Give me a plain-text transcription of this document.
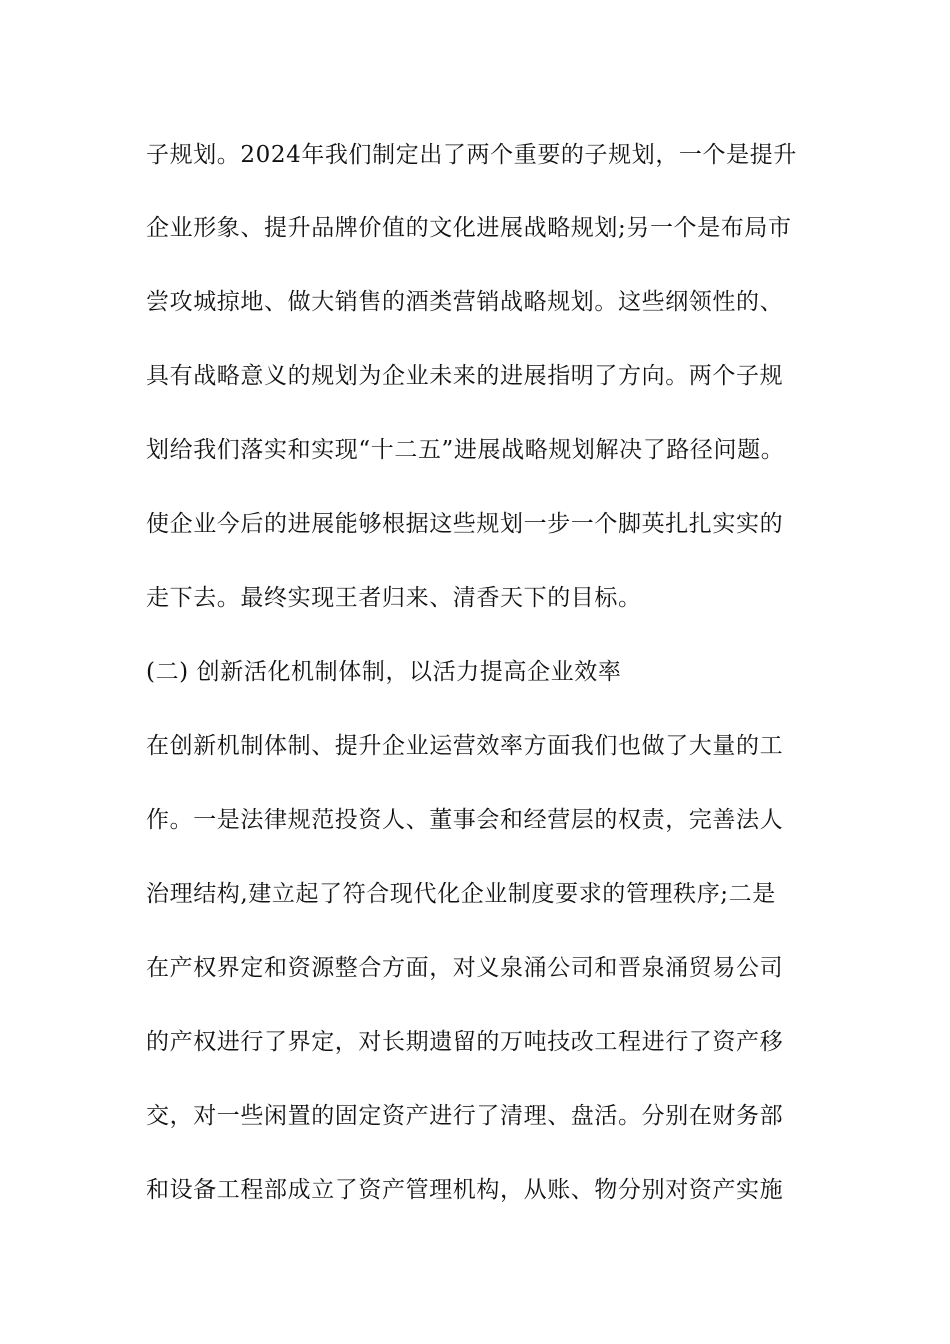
子规划。2024年我们制定出了两个重要的子规划，一个是提升
企业形象、提升品牌价值的文化进展战略规划;另一个是布局市
尝攻城掠地、做大销售的酒类营销战略规划。这些纲领性的、
具有战略意义的规划为企业未来的进展指明了方向。两个子规
划给我们落实和实现“十二五”进展战略规划解决了路径问题。
使企业今后的进展能够根据这些规划一步一个脚英扎扎实实的
走下去。最终实现王者归来、清香天下的目标。
(二) 创新活化机制体制，以活力提高企业效率
在创新机制体制、提升企业运营效率方面我们也做了大量的工
作。一是法律规范投资人、董事会和经营层的权责，完善法人
治理结构,建立起了符合现代化企业制度要求的管理秩序;二是
在产权界定和资源整合方面，对义泉涌公司和晋泉涌贸易公司
的产权进行了界定，对长期遗留的万吨技改工程进行了资产移
交，对一些闲置的固定资产进行了清理、盘活。分别在财务部
和设备工程部成立了资产管理机构，从账、物分别对资产实施
